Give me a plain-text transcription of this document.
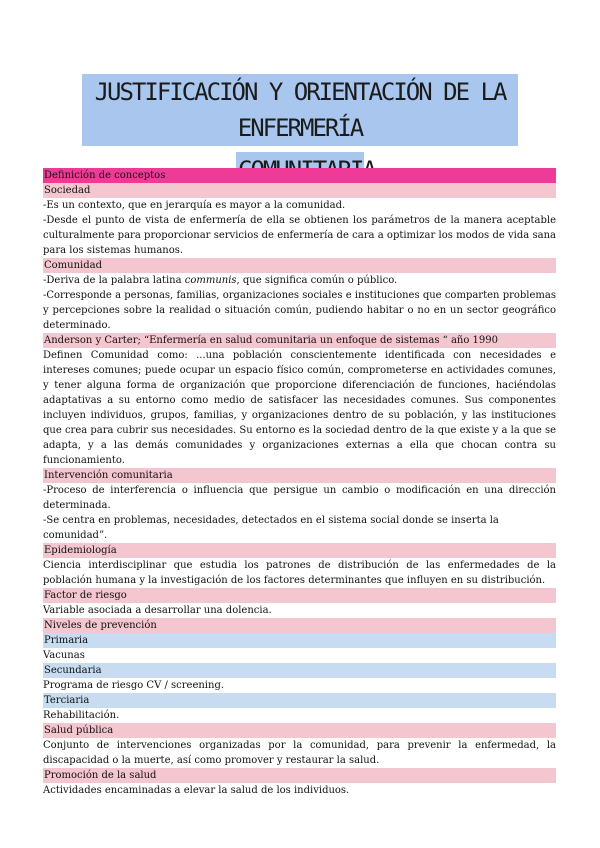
JUSTIFICACIÓN Y ORIENTACIÓN DE LA ENFERMERÍA

Definición de conceptos
Sociedad
-Es un contexto, que en jerarquía es mayor a la comunidad.
-Desde el punto de vista de enfermería de ella se obtienen los parámetros de la manera aceptable culturalmente para proporcionar servicios de enfermería de cara a optimizar los modos de vida sana para los sistemas humanos.
Comunidad
-Deriva de la palabra latina communis, que significa común o público.
-Corresponde a personas, familias, organizaciones sociales e instituciones que comparten problemas y percepciones sobre la realidad o situación común, pudiendo habitar o no en un sector geográfico determinado.
Anderson y Carter; “Enfermería en salud comunitaria un enfoque de sistemas “ año 1990
Definen Comunidad como: ...una población conscientemente identificada con necesidades e intereses comunes; puede ocupar un espacio físico común, comprometerse en actividades comunes, y tener alguna forma de organización que proporcione diferenciación de funciones, haciéndolas adaptativas a su entorno como medio de satisfacer las necesidades comunes. Sus componentes incluyen individuos, grupos, familias, y organizaciones dentro de su población, y las instituciones que crea para cubrir sus necesidades. Su entorno es la sociedad dentro de la que existe y a la que se adapta, y a las demás comunidades y organizaciones externas a ella que chocan contra su funcionamiento.
Intervención comunitaria
-Proceso de interferencia o influencia que persigue un cambio o modificación en una dirección determinada.
-Se centra en problemas, necesidades, detectados en el sistema social donde se inserta la comunidad”.
Epidemiología
Ciencia interdisciplinar que estudia los patrones de distribución de las enfermedades de la población humana y la investigación de los factores determinantes que influyen en su distribución.
Factor de riesgo
Variable asociada a desarrollar una dolencia.
Niveles de prevención
Primaria
Vacunas
Secundaria
Programa de riesgo CV / screening.
Terciaria
Rehabilitación.
Salud pública
Conjunto de intervenciones organizadas por la comunidad, para prevenir la enfermedad, la discapacidad o la muerte, así como promover y restaurar la salud.
Promoción de la salud
Actividades encaminadas a elevar la salud de los individuos.
